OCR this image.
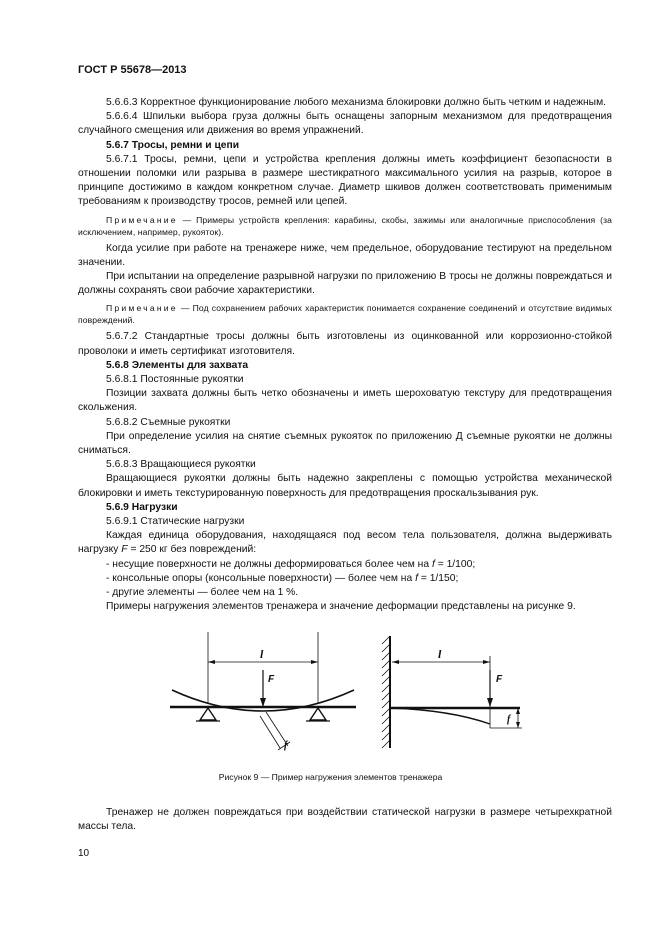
ГОСТ Р 55678—2013

5.6.6.3 Корректное функционирование любого механизма блокировки должно быть четким и надежным.

5.6.6.4 Шпильки выбора груза должны быть оснащены запорным механизмом для предотвращения случайного смещения или движения во время упражнений.

5.6.7 Тросы, ремни и цепи

5.6.7.1 Тросы, ремни, цепи и устройства крепления должны иметь коэффициент безопасности в отношении поломки или разрыва в размере шестикратного максимального усилия на разрыв, которое в принципе достижимо в каждом конкретном случае. Диаметр шкивов должен соответствовать применимым требованиям к производству тросов, ремней или цепей.

Примечание — Примеры устройств крепления: карабины, скобы, зажимы или аналогичные приспособления (за исключением, например, рукояток).

Когда усилие при работе на тренажере ниже, чем предельное, оборудование тестируют на предельном значении.

При испытании на определение разрывной нагрузки по приложению В тросы не должны повреждаться и должны сохранять свои рабочие характеристики.

Примечание — Под сохранением рабочих характеристик понимается сохранение соединений и отсутствие видимых повреждений.

5.6.7.2 Стандартные тросы должны быть изготовлены из оцинкованной или коррозионно-стойкой проволоки и иметь сертификат изготовителя.

5.6.8 Элементы для захвата

5.6.8.1 Постоянные рукоятки

Позиции захвата должны быть четко обозначены и иметь шероховатую текстуру для предотвращения скольжения.

5.6.8.2 Съемные рукоятки

При определение усилия на снятие съемных рукояток по приложению Д съемные рукоятки не должны сниматься.

5.6.8.3 Вращающиеся рукоятки

Вращающиеся рукоятки должны быть надежно закреплены с помощью устройства механической блокировки и иметь текстурированную поверхность для предотвращения проскальзывания рук.

5.6.9 Нагрузки

5.6.9.1 Статические нагрузки

Каждая единица оборудования, находящаяся под весом тела пользователя, должна выдерживать нагрузку F = 250 кг без повреждений:

- несущие поверхности не должны деформироваться более чем на f = 1/100;

- консольные опоры (консольные поверхности) — более чем на f = 1/150;

- другие элементы — более чем на 1 %.

Примеры нагружения элементов тренажера и значение деформации представлены на рисунке 9.

l
F
f
l
F
f
Рисунок 9 — Пример нагружения элементов тренажера

Тренажер не должен повреждаться при воздействии статической нагрузки в размере четырехкратной массы тела.

10
